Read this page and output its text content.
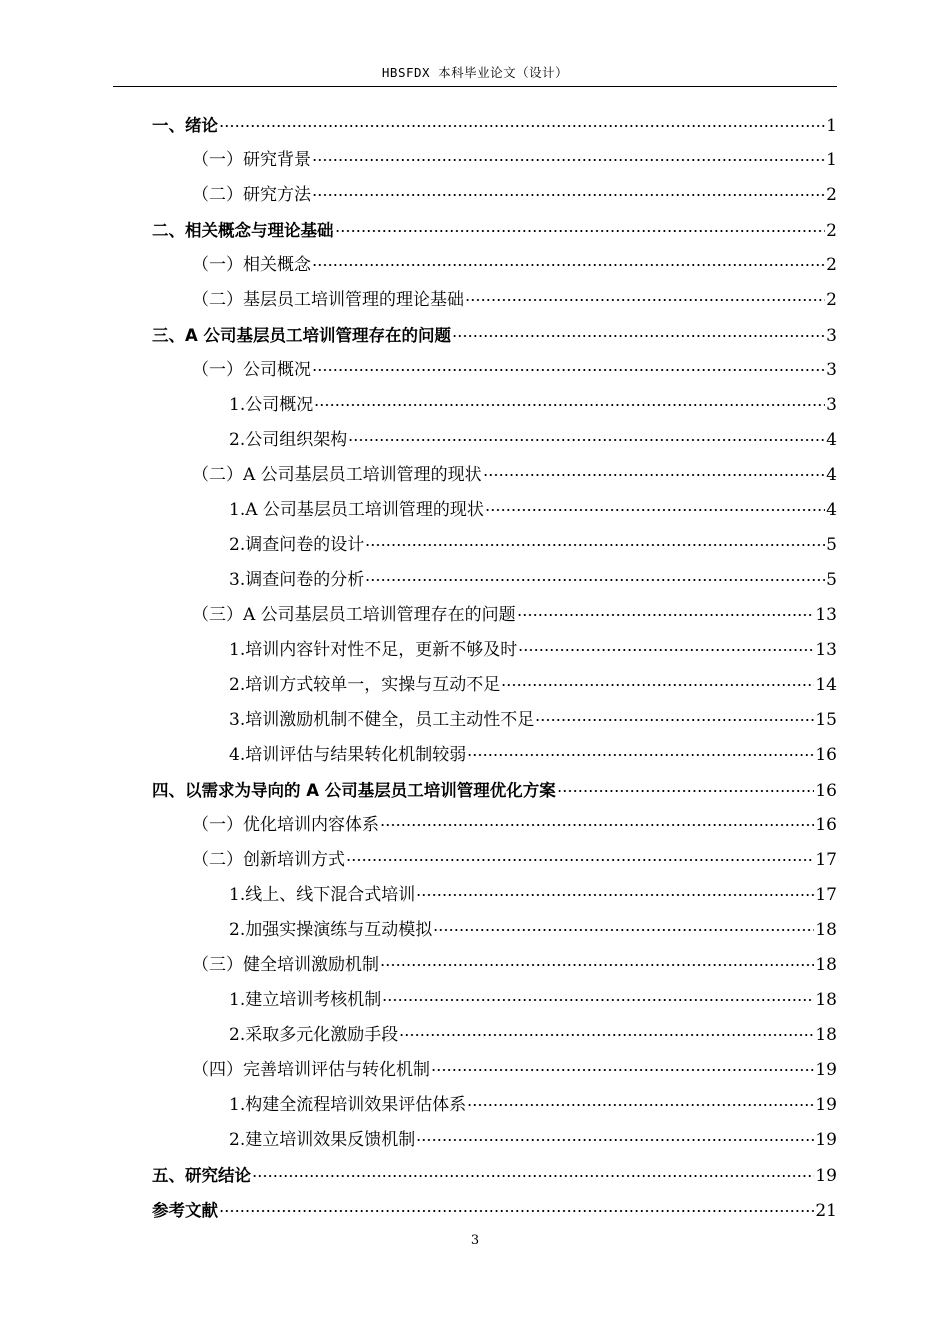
HBSFDX 本科毕业论文（设计）
一、绪论	1
（一）研究背景	1
（二）研究方法	2
二、相关概念与理论基础	2
（一）相关概念	2
（二）基层员工培训管理的理论基础	2
三、A 公司基层员工培训管理存在的问题	3
（一）公司概况	3
1.公司概况	3
2.公司组织架构	4
（二）A 公司基层员工培训管理的现状	4
1.A 公司基层员工培训管理的现状	4
2.调查问卷的设计	5
3.调查问卷的分析	5
（三）A 公司基层员工培训管理存在的问题	13
1.培训内容针对性不足，更新不够及时	13
2.培训方式较单一，实操与互动不足	14
3.培训激励机制不健全，员工主动性不足	15
4.培训评估与结果转化机制较弱	16
四、以需求为导向的 A 公司基层员工培训管理优化方案	16
（一）优化培训内容体系	16
（二）创新培训方式	17
1.线上、线下混合式培训	17
2.加强实操演练与互动模拟	18
（三）健全培训激励机制	18
1.建立培训考核机制	18
2.采取多元化激励手段	18
（四）完善培训评估与转化机制	19
1.构建全流程培训效果评估体系	19
2.建立培训效果反馈机制	19
五、研究结论	19
参考文献	21
3
